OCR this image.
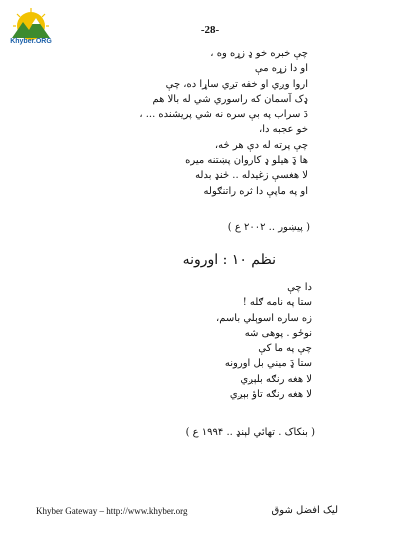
Khyber.ORG
-28-
چې خبره خو ډ زړه وه ،
او دا زړه مې
اروا وږي او خفه تږي ساړا ده، چې
ډک آسمان که راسوري شي له بالا هم
دَ سراب په بې سره نه شي پريشنده ... ،
خو عجبه دا،
چې پرته له دې هر څه،
ها ډَ هيلو ډ کاروان پښتنه ميره
لا هغسې زغيدله .. څنډ بدله
او په ماپې دا ثره راتنګوله
( پيښور .. ۲۰۰۲ ع )
نظم ۱۰ : اورونه
دا چې
ستا په نامه ګله !
زه ساره اسوېلي باسم،
نوځو . پوهی شه
چې په ما کې
ستا ډَ ميني بل اورونه
لا هغه رنګه بلېږي
لا هغه رنګه تاؤ بېږي
( بنکاک . تهائي لېنډ .. ۱۹۹۴ ع )
Khyber Gateway – http://www.khyber.org	لیک افضل شوق
